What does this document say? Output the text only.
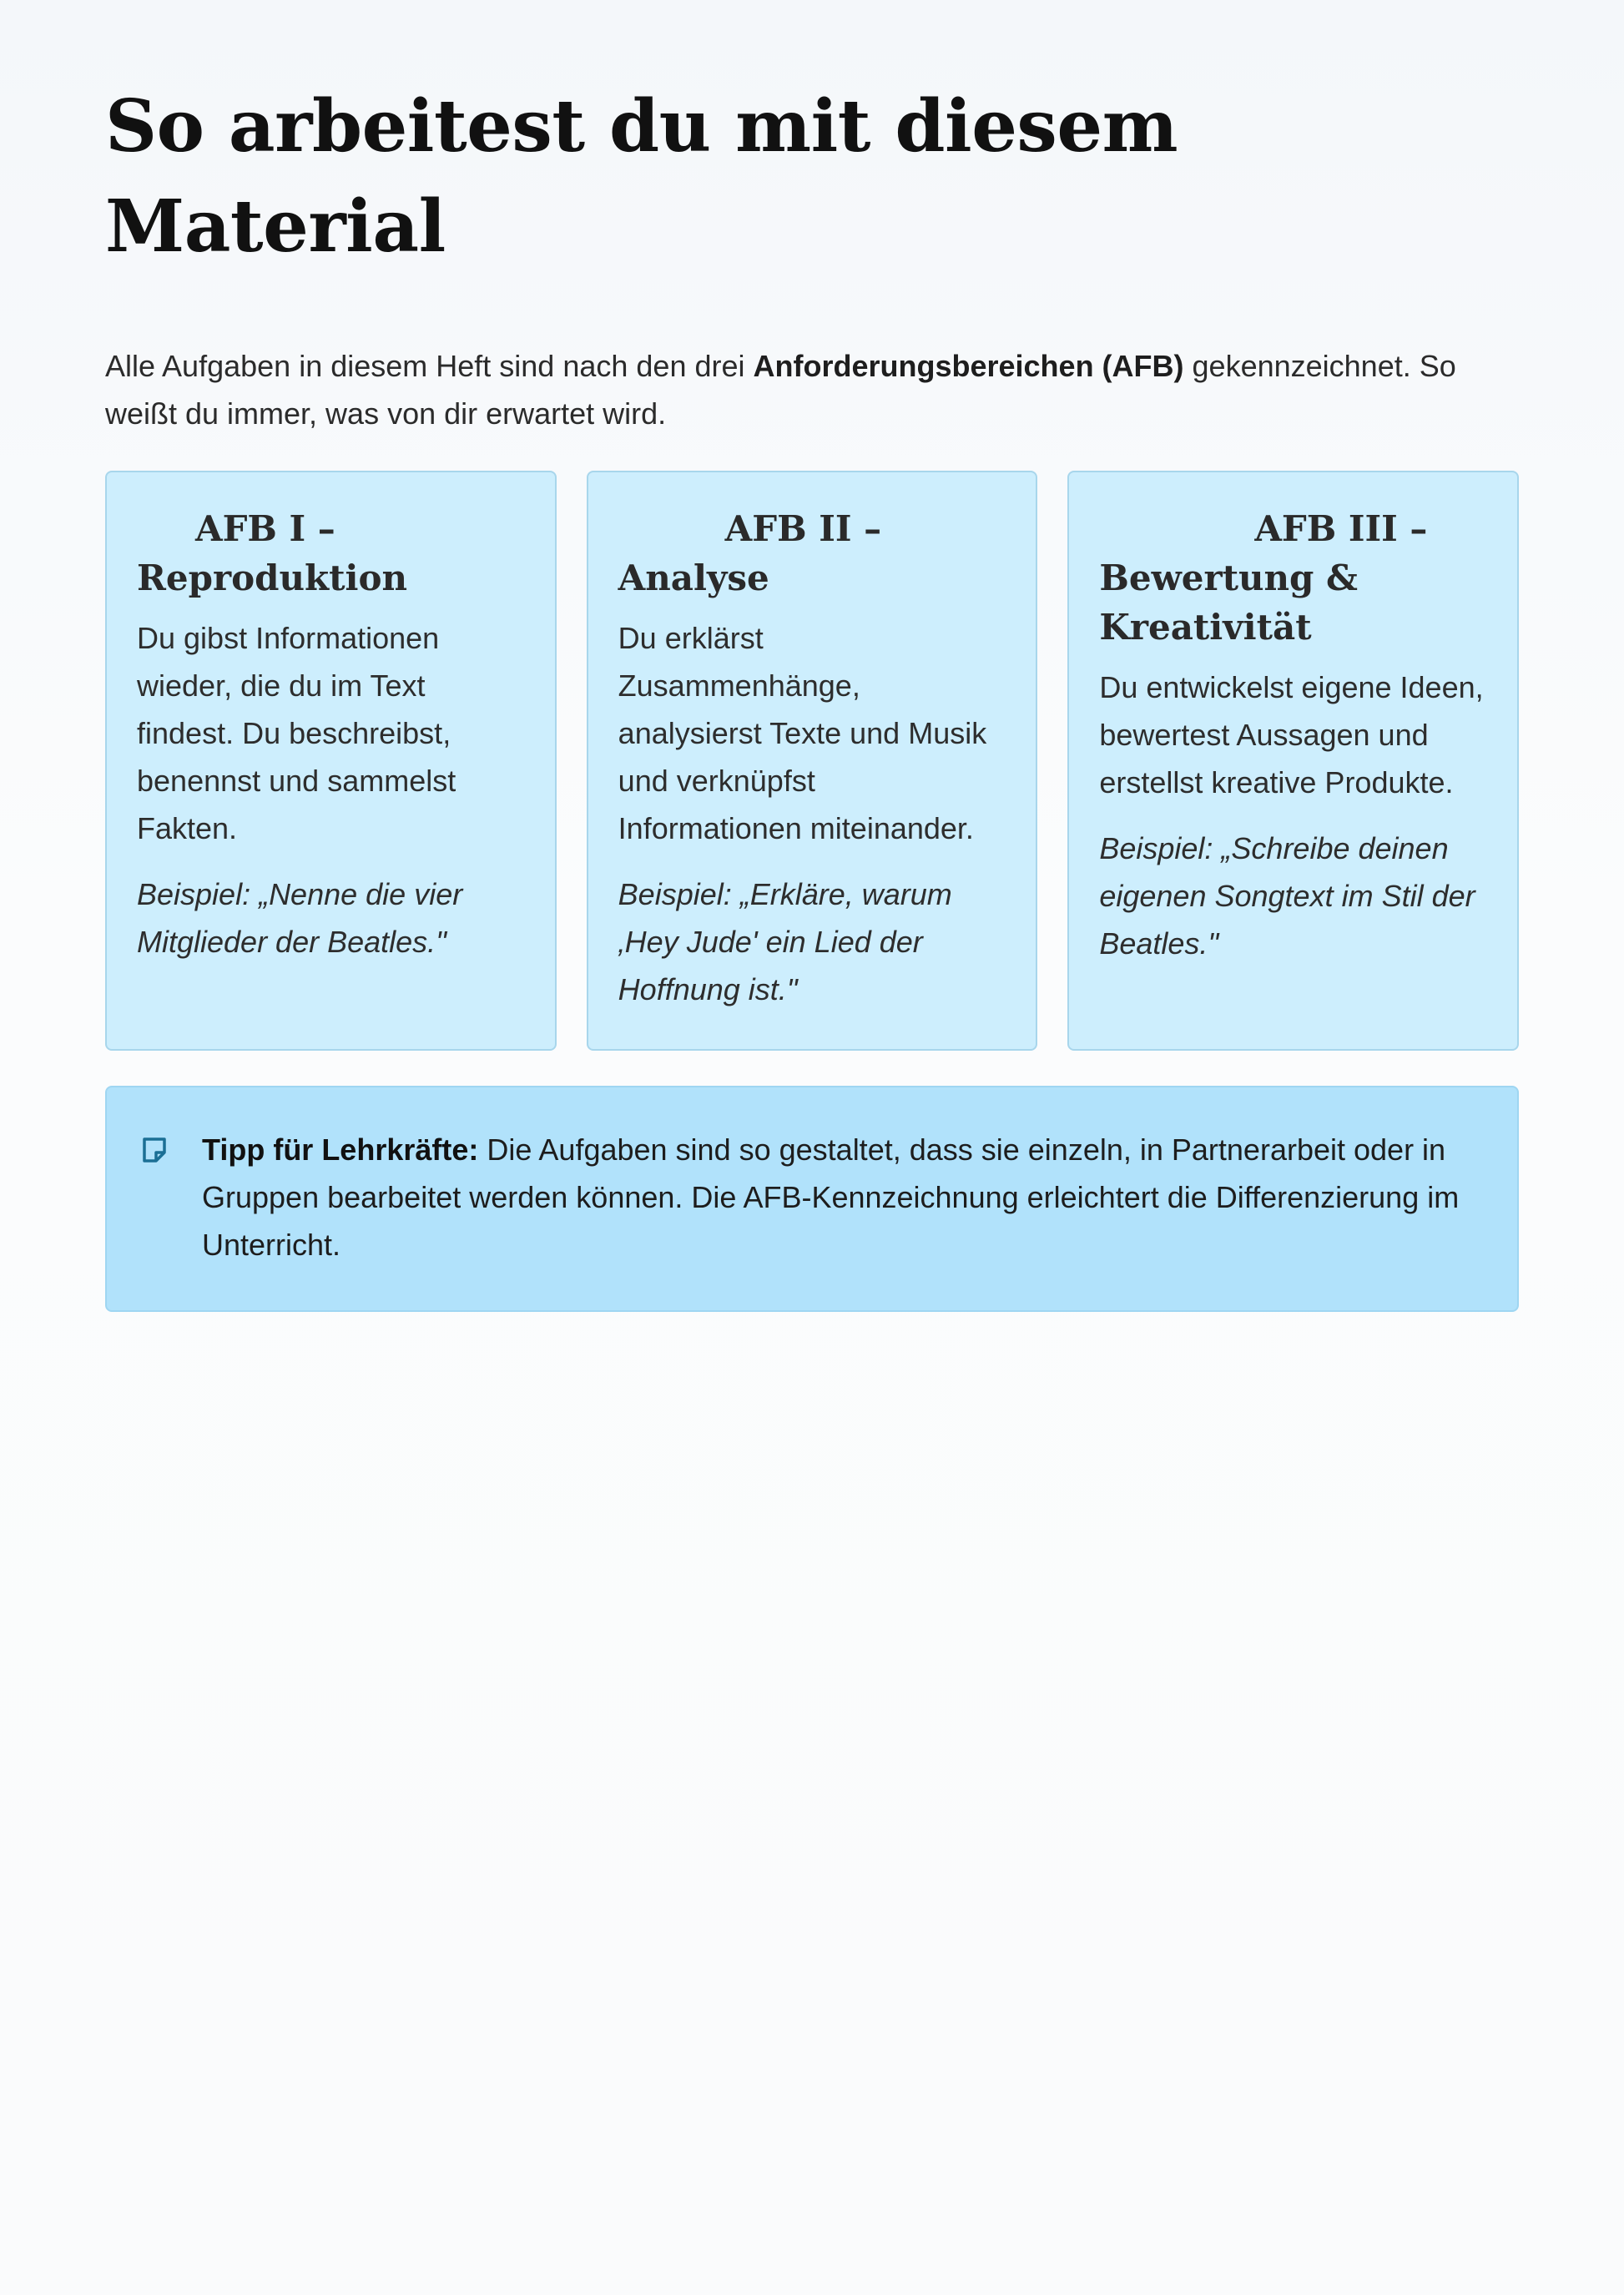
So arbeitest du mit diesem Material

Alle Aufgaben in diesem Heft sind nach den drei Anforderungsbereichen (AFB) gekennzeichnet. So weißt du immer, was von dir erwartet wird.

AFB I –
Reproduktion

Du gibst Informationen wieder, die du im Text findest. Du beschreibst, benennst und sammelst Fakten.

Beispiel: „Nenne die vier Mitglieder der Beatles."

AFB II –
Analyse

Du erklärst Zusammenhänge, analysierst Texte und Musik und verknüpfst Informationen miteinander.

Beispiel: „Erkläre, warum ‚Hey Jude' ein Lied der Hoffnung ist."

AFB III –
Bewertung & Kreativität

Du entwickelst eigene Ideen, bewertest Aussagen und erstellst kreative Produkte.

Beispiel: „Schreibe deinen eigenen Songtext im Stil der Beatles."

Tipp für Lehrkräfte: Die Aufgaben sind so gestaltet, dass sie einzeln, in Partnerarbeit oder in Gruppen bearbeitet werden können. Die AFB-Kennzeichnung erleichtert die Differenzierung im Unterricht.
